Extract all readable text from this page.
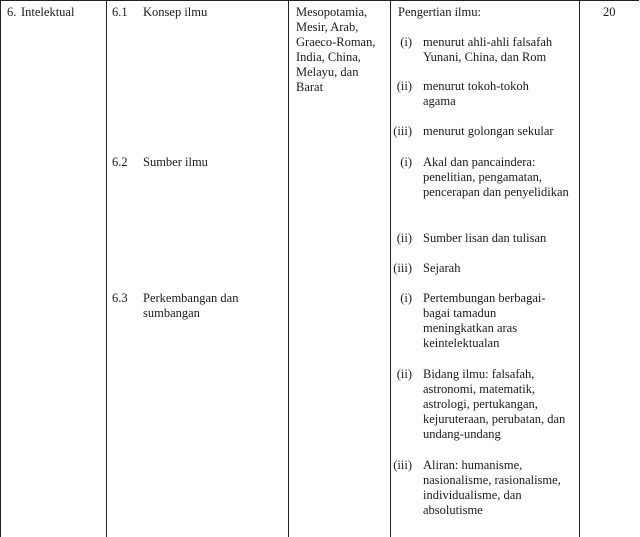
6. Intelektual	6.1 Konsep ilmu
6.2 Sumber ilmu
6.3 Perkembangan dan sumbangan
Mesopotamia, Mesir, Arab, Graeco-Roman, India, China, Melayu, dan Barat
Pengertian ilmu:
(i) menurut ahli-ahli falsafah Yunani, China, dan Rom
(ii) menurut tokoh-tokoh agama
(iii) menurut golongan sekular
(i) Akal dan pancaindera: penelitian, pengamatan, pencerapan dan penyelidikan
(ii) Sumber lisan dan tulisan
(iii) Sejarah
(i) Pertembungan berbagai-bagai tamadun meningkatkan aras keintelektualan
(ii) Bidang ilmu: falsafah, astronomi, matematik, astrologi, pertukangan, kejuruteraan, perubatan, dan undang-undang
(iii) Aliran: humanisme, nasionalisme, rasionalisme, individualisme, dan absolutisme
20
